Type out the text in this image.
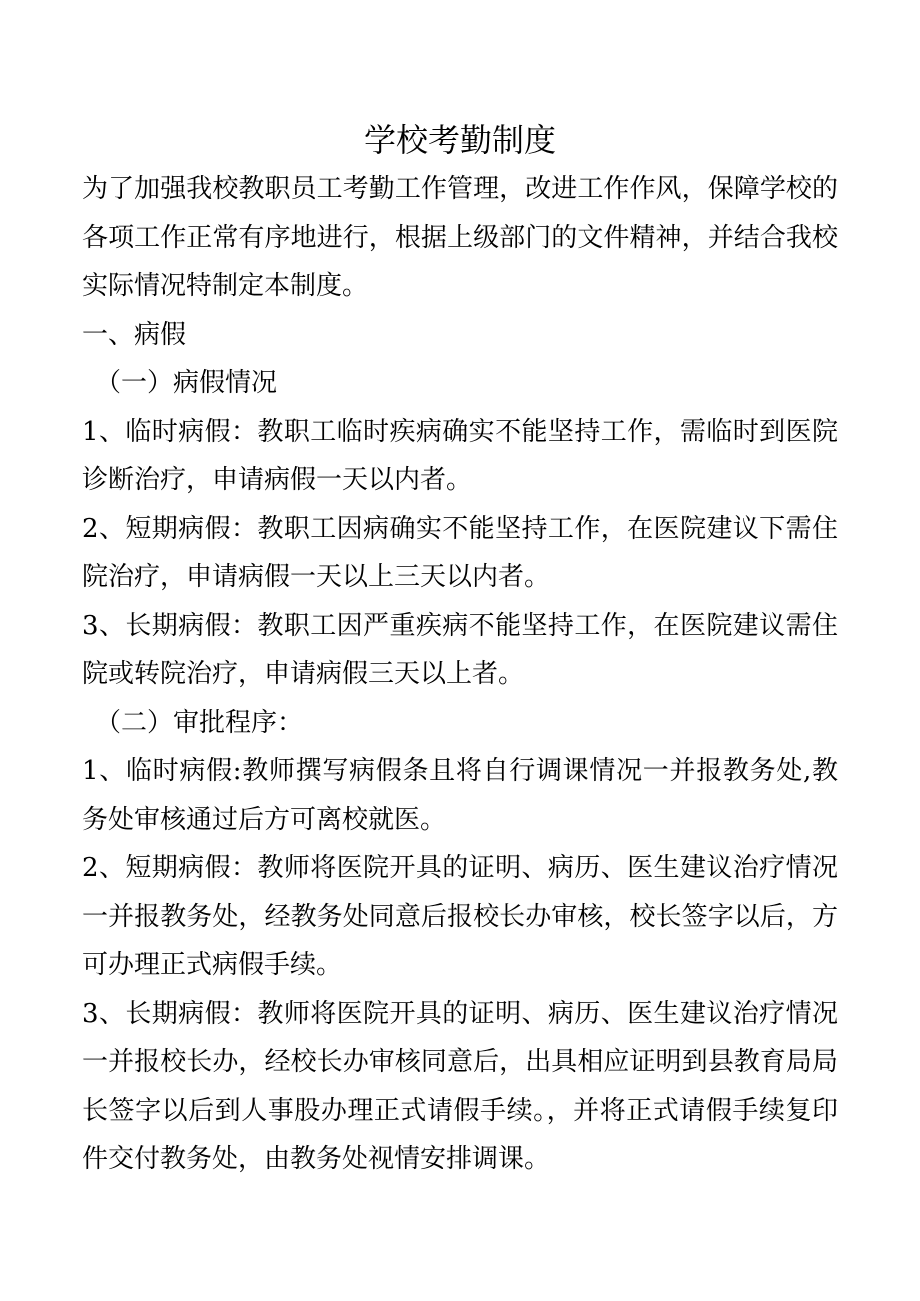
学校考勤制度
为了加强我校教职员工考勤工作管理，改进工作作风，保障学校的
各项工作正常有序地进行，根据上级部门的文件精神，并结合我校
实际情况特制定本制度。
一、病假
（一）病假情况
1、临时病假：教职工临时疾病确实不能坚持工作，需临时到医院
诊断治疗，申请病假一天以内者。
2、短期病假：教职工因病确实不能坚持工作，在医院建议下需住
院治疗，申请病假一天以上三天以内者。
3、长期病假：教职工因严重疾病不能坚持工作，在医院建议需住
院或转院治疗，申请病假三天以上者。
（二）审批程序：
1、临时病假:教师撰写病假条且将自行调课情况一并报教务处,教
务处审核通过后方可离校就医。
2、短期病假：教师将医院开具的证明、病历、医生建议治疗情况
一并报教务处，经教务处同意后报校长办审核，校长签字以后，方
可办理正式病假手续。
3、长期病假：教师将医院开具的证明、病历、医生建议治疗情况
一并报校长办，经校长办审核同意后，出具相应证明到县教育局局
长签字以后到人事股办理正式请假手续。，并将正式请假手续复印
件交付教务处，由教务处视情安排调课。
